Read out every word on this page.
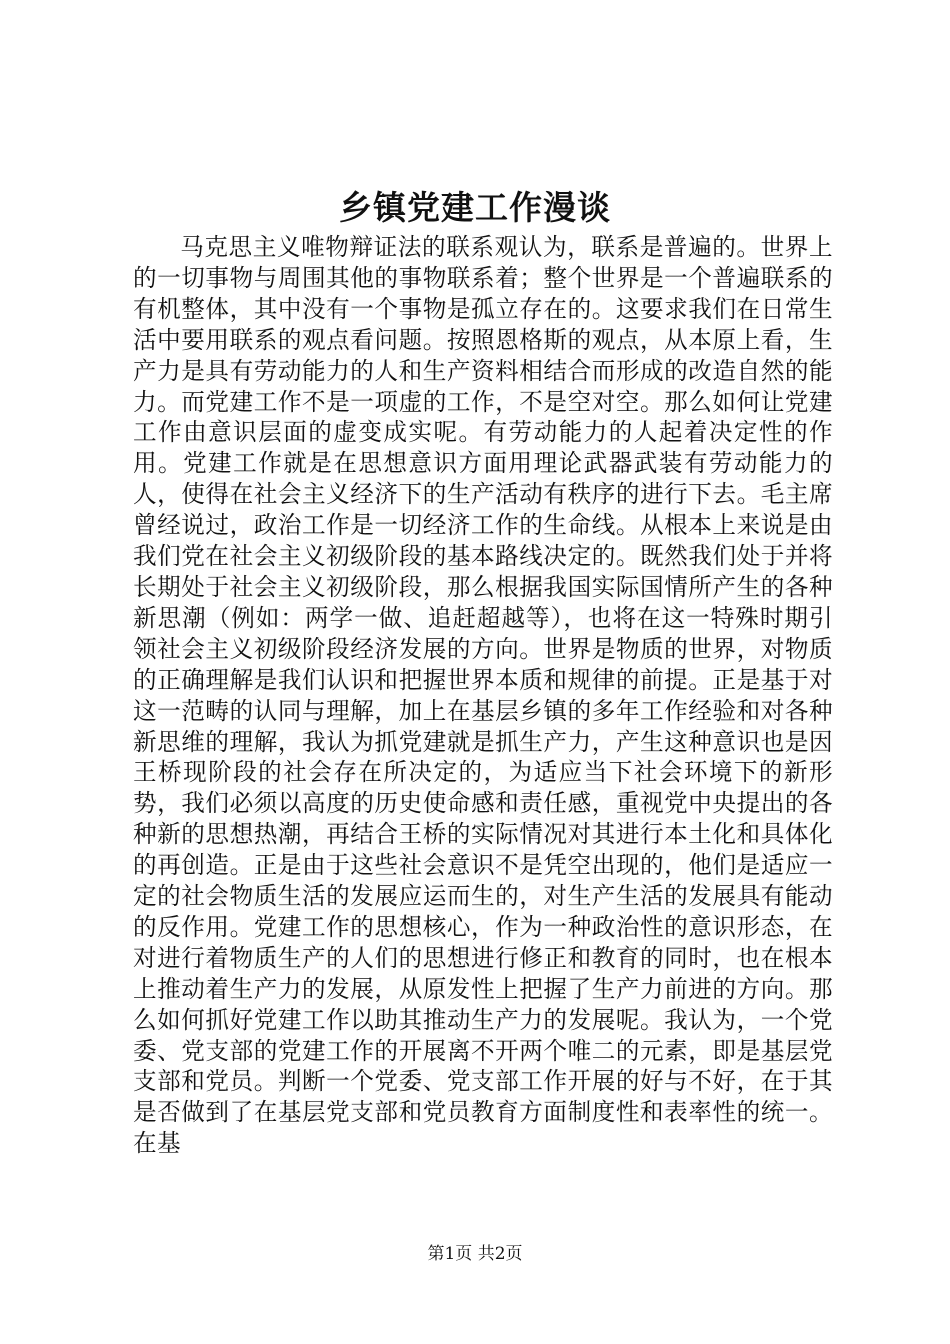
乡镇党建工作漫谈

马克思主义唯物辩证法的联系观认为，联系是普遍的。世界上的一切事物与周围其他的事物联系着；整个世界是一个普遍联系的有机整体，其中没有一个事物是孤立存在的。这要求我们在日常生活中要用联系的观点看问题。按照恩格斯的观点，从本原上看，生产力是具有劳动能力的人和生产资料相结合而形成的改造自然的能力。而党建工作不是一项虚的工作，不是空对空。那么如何让党建工作由意识层面的虚变成实呢。有劳动能力的人起着决定性的作用。党建工作就是在思想意识方面用理论武器武装有劳动能力的人，使得在社会主义经济下的生产活动有秩序的进行下去。毛主席曾经说过，政治工作是一切经济工作的生命线。从根本上来说是由我们党在社会主义初级阶段的基本路线决定的。既然我们处于并将长期处于社会主义初级阶段，那么根据我国实际国情所产生的各种新思潮（例如：两学一做、追赶超越等），也将在这一特殊时期引领社会主义初级阶段经济发展的方向。世界是物质的世界，对物质的正确理解是我们认识和把握世界本质和规律的前提。正是基于对这一范畴的认同与理解，加上在基层乡镇的多年工作经验和对各种新思维的理解，我认为抓党建就是抓生产力，产生这种意识也是因王桥现阶段的社会存在所决定的，为适应当下社会环境下的新形势，我们必须以高度的历史使命感和责任感，重视党中央提出的各种新的思想热潮，再结合王桥的实际情况对其进行本土化和具体化的再创造。正是由于这些社会意识不是凭空出现的，他们是适应一定的社会物质生活的发展应运而生的，对生产生活的发展具有能动的反作用。党建工作的思想核心，作为一种政治性的意识形态，在对进行着物质生产的人们的思想进行修正和教育的同时，也在根本上推动着生产力的发展，从原发性上把握了生产力前进的方向。那么如何抓好党建工作以助其推动生产力的发展呢。我认为，一个党委、党支部的党建工作的开展离不开两个唯二的元素，即是基层党支部和党员。判断一个党委、党支部工作开展的好与不好，在于其是否做到了在基层党支部和党员教育方面制度性和表率性的统一。在基

第1页 共2页
